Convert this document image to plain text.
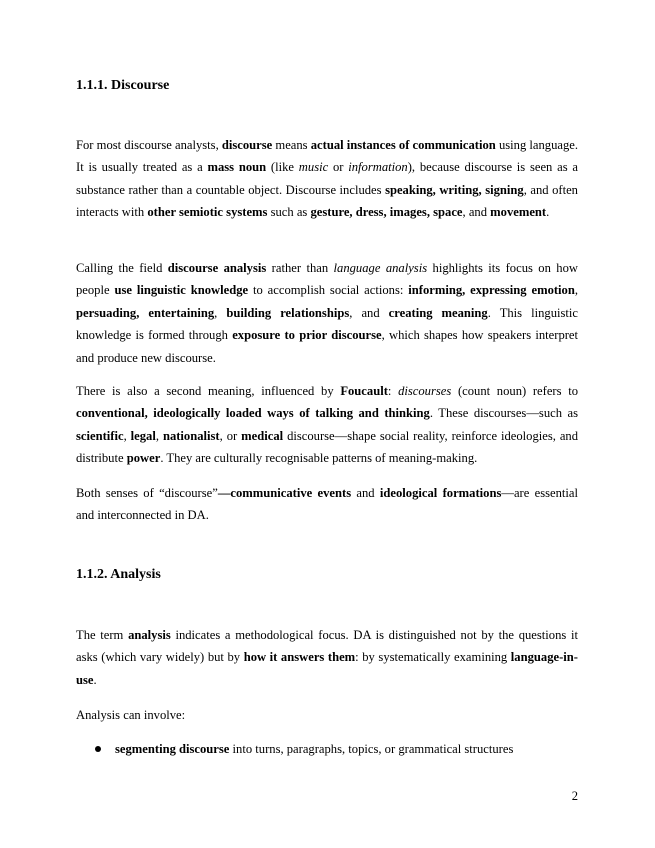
1.1.1. Discourse

For most discourse analysts, discourse means actual instances of communication using language. It is usually treated as a mass noun (like music or information), because discourse is seen as a substance rather than a countable object. Discourse includes speaking, writing, signing, and often interacts with other semiotic systems such as gesture, dress, images, space, and movement.

Calling the field discourse analysis rather than language analysis highlights its focus on how people use linguistic knowledge to accomplish social actions: informing, expressing emotion, persuading, entertaining, building relationships, and creating meaning. This linguistic knowledge is formed through exposure to prior discourse, which shapes how speakers interpret and produce new discourse.

There is also a second meaning, influenced by Foucault: discourses (count noun) refers to conventional, ideologically loaded ways of talking and thinking. These discourses—such as scientific, legal, nationalist, or medical discourse—shape social reality, reinforce ideologies, and distribute power. They are culturally recognisable patterns of meaning-making.

Both senses of “discourse”—communicative events and ideological formations—are essential and interconnected in DA.

1.1.2. Analysis

The term analysis indicates a methodological focus. DA is distinguished not by the questions it asks (which vary widely) but by how it answers them: by systematically examining language-in-use.

Analysis can involve:

segmenting discourse into turns, paragraphs, topics, or grammatical structures
2
